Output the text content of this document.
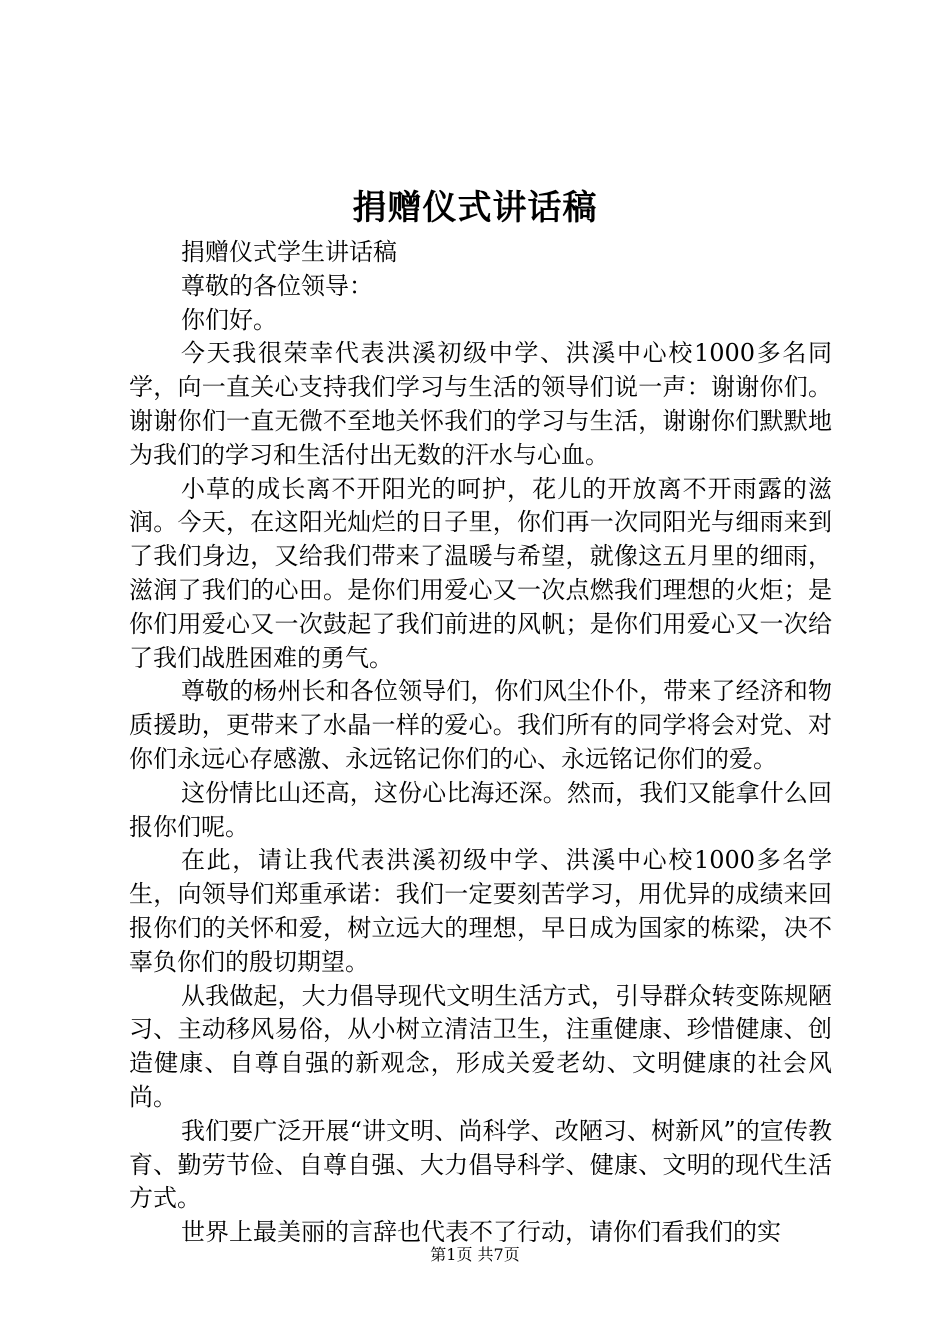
捐赠仪式讲话稿

捐赠仪式学生讲话稿

尊敬的各位领导：

你们好。

今天我很荣幸代表洪溪初级中学、洪溪中心校1000多名同学，向一直关心支持我们学习与生活的领导们说一声：谢谢你们。谢谢你们一直无微不至地关怀我们的学习与生活，谢谢你们默默地为我们的学习和生活付出无数的汗水与心血。

小草的成长离不开阳光的呵护，花儿的开放离不开雨露的滋润。今天，在这阳光灿烂的日子里，你们再一次同阳光与细雨来到了我们身边，又给我们带来了温暖与希望，就像这五月里的细雨，滋润了我们的心田。是你们用爱心又一次点燃我们理想的火炬；是你们用爱心又一次鼓起了我们前进的风帆；是你们用爱心又一次给了我们战胜困难的勇气。

尊敬的杨州长和各位领导们，你们风尘仆仆，带来了经济和物质援助，更带来了水晶一样的爱心。我们所有的同学将会对党、对你们永远心存感激、永远铭记你们的心、永远铭记你们的爱。

这份情比山还高，这份心比海还深。然而，我们又能拿什么回报你们呢。

在此，请让我代表洪溪初级中学、洪溪中心校1000多名学生，向领导们郑重承诺：我们一定要刻苦学习，用优异的成绩来回报你们的关怀和爱，树立远大的理想，早日成为国家的栋梁，决不辜负你们的殷切期望。

从我做起，大力倡导现代文明生活方式，引导群众转变陈规陋习、主动移风易俗，从小树立清洁卫生，注重健康、珍惜健康、创造健康、自尊自强的新观念，形成关爱老幼、文明健康的社会风尚。

我们要广泛开展“讲文明、尚科学、改陋习、树新风”的宣传教育、勤劳节俭、自尊自强、大力倡导科学、健康、文明的现代生活方式。

世界上最美丽的言辞也代表不了行动，请你们看我们的实

第1页 共7页
